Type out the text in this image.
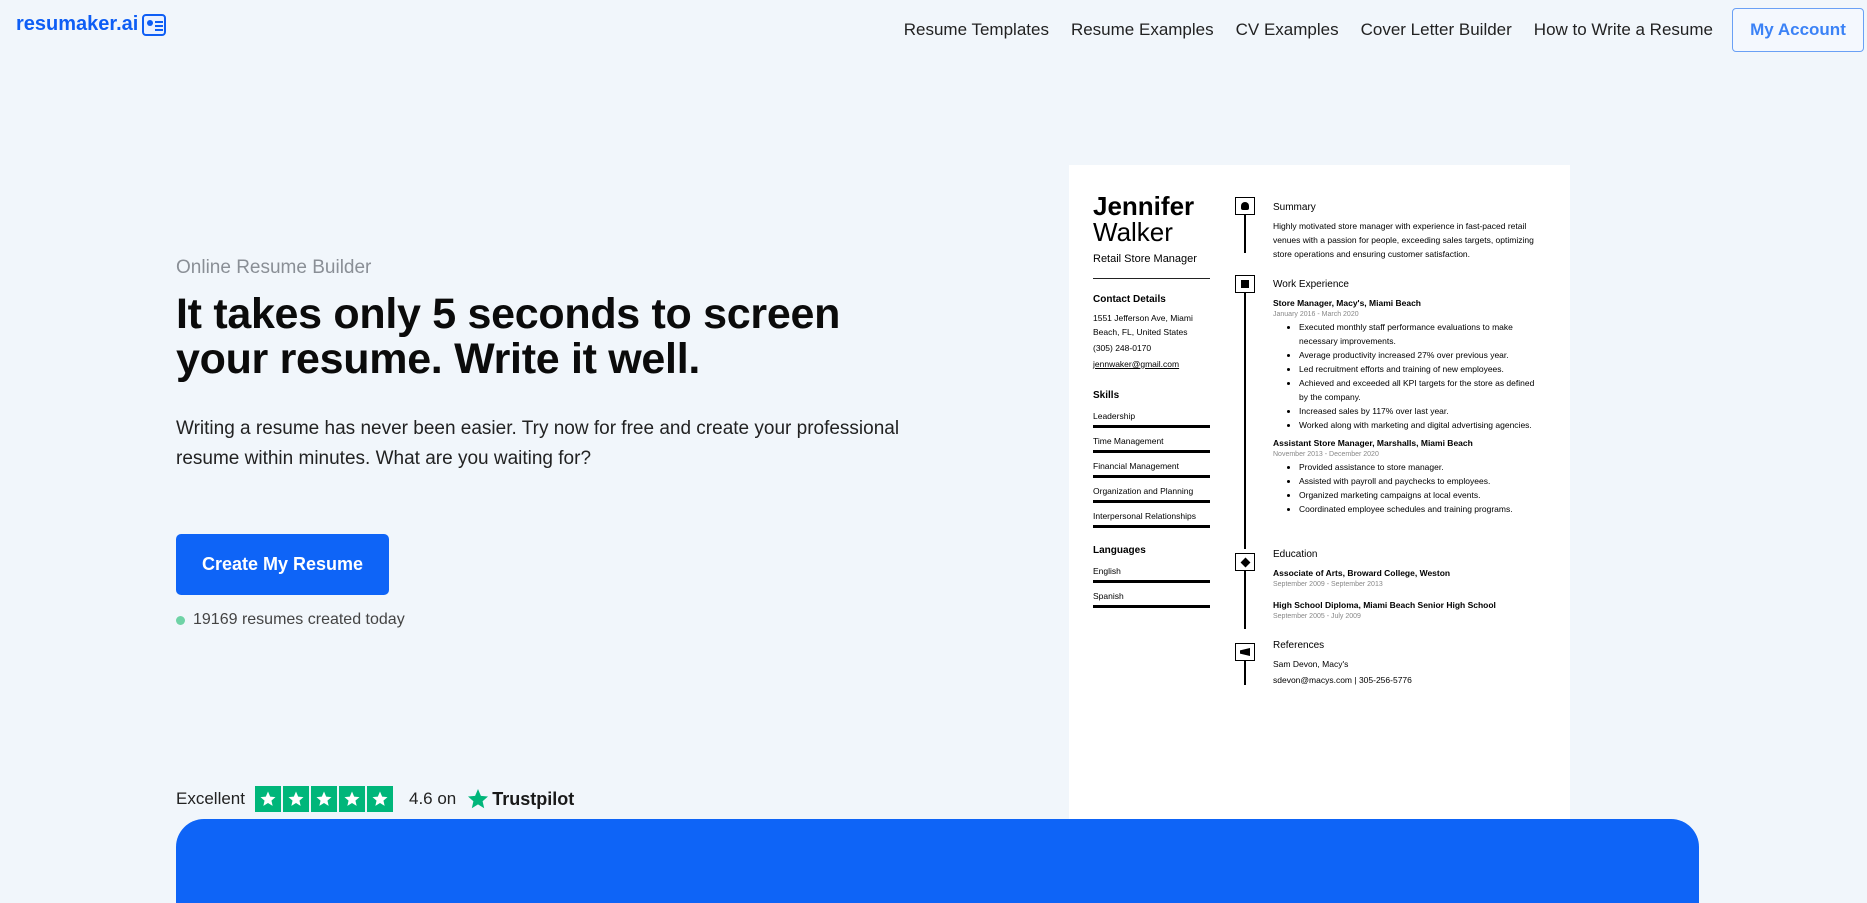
resumaker.ai	Resume Templates Resume Examples CV Examples Cover Letter Builder How to Write a Resume	My Account
Online Resume Builder
It takes only 5 seconds to screen your resume. Write it well.

Writing a resume has never been easier. Try now for free and create your professional resume within minutes. What are you waiting for?

Create My Resume
19169 resumes created today
Excellent	4.6 on Trustpilot
Jennifer
Walker
Retail Store Manager
Contact Details
1551 Jefferson Ave, Miami Beach, FL, United States
(305) 248-0170
jennwaker@gmail.com
Skills
Leadership
Time Management
Financial Management
Organization and Planning
Interpersonal Relationships
Languages
English
Spanish
Summary
Highly motivated store manager with experience in fast-paced retail venues with a passion for people, exceeding sales targets, optimizing store operations and ensuring customer satisfaction.
Work Experience
Store Manager, Macy's, Miami Beach
January 2016 - March 2020
• Executed monthly staff performance evaluations to make necessary improvements.
• Average productivity increased 27% over previous year.
• Led recruitment efforts and training of new employees.
• Achieved and exceeded all KPI targets for the store as defined by the company.
• Increased sales by 117% over last year.
• Worked along with marketing and digital advertising agencies.
Assistant Store Manager, Marshalls, Miami Beach
November 2013 - December 2020
• Provided assistance to store manager.
• Assisted with payroll and paychecks to employees.
• Organized marketing campaigns at local events.
• Coordinated employee schedules and training programs.
Education
Associate of Arts, Broward College, Weston
September 2009 - September 2013
High School Diploma, Miami Beach Senior High School
September 2005 - July 2009
References
Sam Devon, Macy's
sdevon@macys.com | 305-256-5776
